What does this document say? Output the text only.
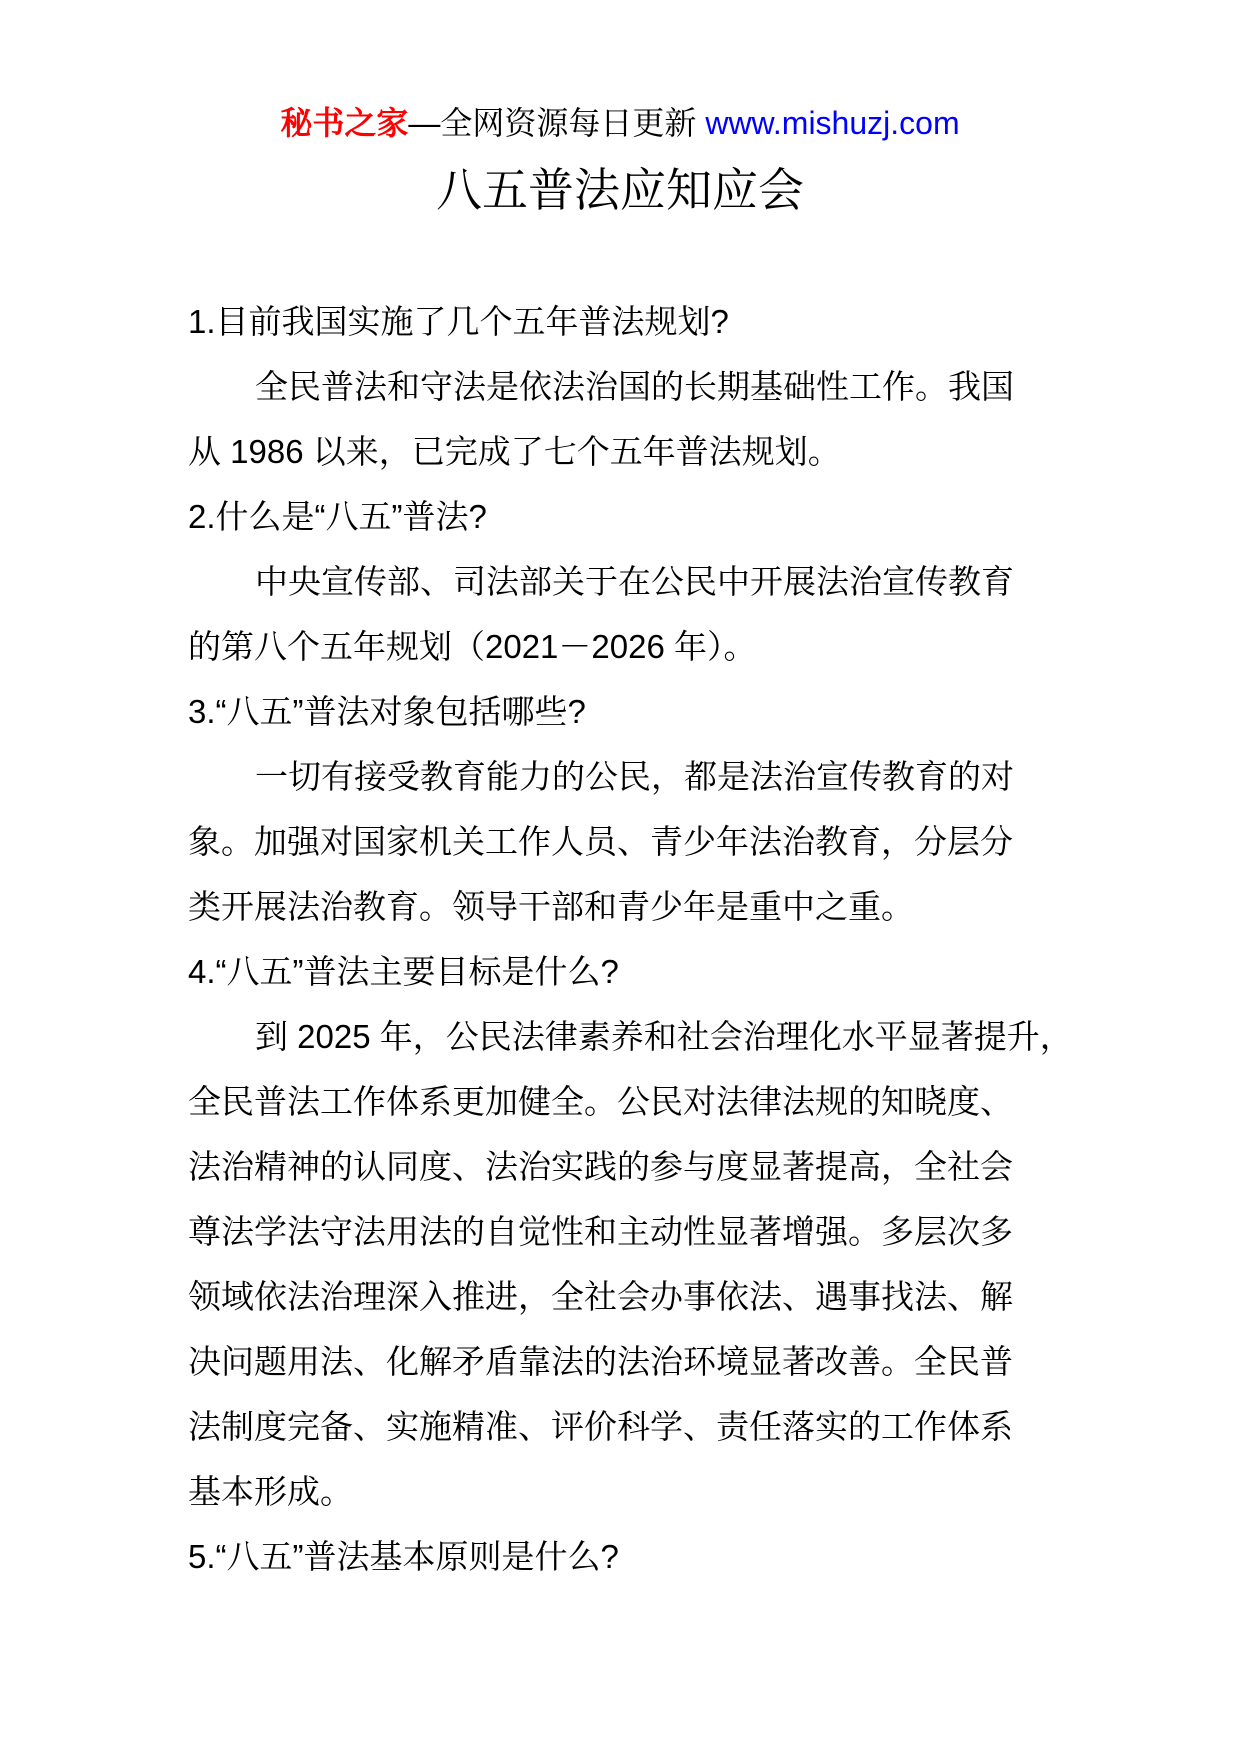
秘书之家—全网资源每日更新 www.mishuzj.com
八五普法应知应会

1.目前我国实施了几个五年普法规划?

全民普法和守法是依法治国的长期基础性工作。我国

从 1986 以来，已完成了七个五年普法规划。

2.什么是“八五”普法?

中央宣传部、司法部关于在公民中开展法治宣传教育

的第八个五年规划（2021－2026 年）。

3.“八五”普法对象包括哪些?

一切有接受教育能力的公民，都是法治宣传教育的对

象。加强对国家机关工作人员、青少年法治教育，分层分

类开展法治教育。领导干部和青少年是重中之重。

4.“八五”普法主要目标是什么?

到 2025 年，公民法律素养和社会治理化水平显著提升，

全民普法工作体系更加健全。公民对法律法规的知晓度、

法治精神的认同度、法治实践的参与度显著提高，全社会

尊法学法守法用法的自觉性和主动性显著增强。多层次多

领域依法治理深入推进，全社会办事依法、遇事找法、解

决问题用法、化解矛盾靠法的法治环境显著改善。全民普

法制度完备、实施精准、评价科学、责任落实的工作体系

基本形成。

5.“八五”普法基本原则是什么?
